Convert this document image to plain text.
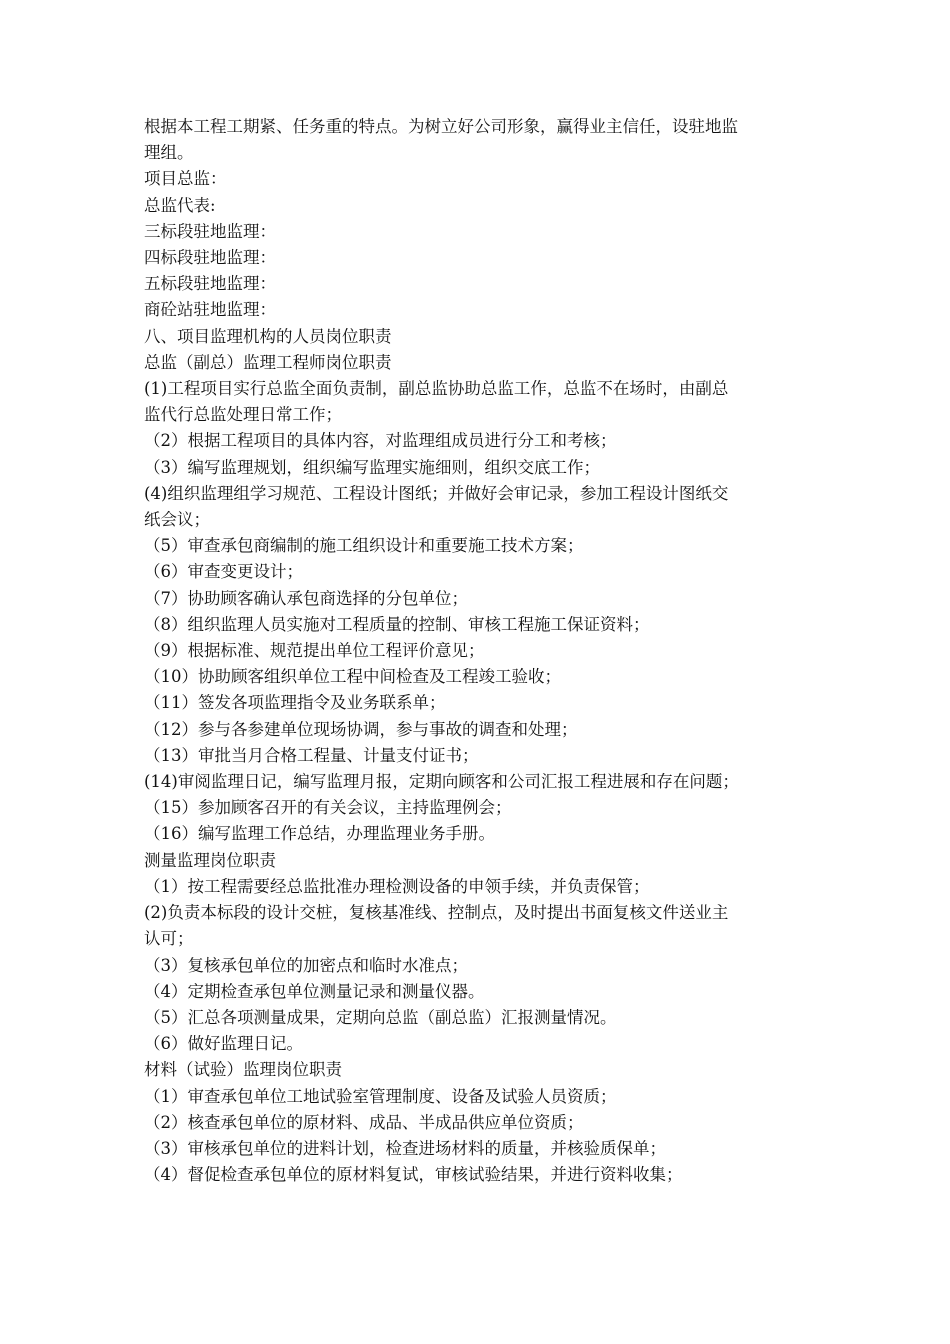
根据本工程工期紧、任务重的特点。为树立好公司形象，赢得业主信任，设驻地监
理组。
项目总监：
总监代表:
三标段驻地监理：
四标段驻地监理：
五标段驻地监理：
商砼站驻地监理：
八、项目监理机构的人员岗位职责
总监（副总）监理工程师岗位职责
(1)工程项目实行总监全面负责制，副总监协助总监工作，总监不在场时，由副总
监代行总监处理日常工作；
（2）根据工程项目的具体内容，对监理组成员进行分工和考核；
（3）编写监理规划，组织编写监理实施细则，组织交底工作；
(4)组织监理组学习规范、工程设计图纸；并做好会审记录，参加工程设计图纸交
纸会议；
（5）审查承包商编制的施工组织设计和重要施工技术方案；
（6）审查变更设计；
（7）协助顾客确认承包商选择的分包单位；
（8）组织监理人员实施对工程质量的控制、审核工程施工保证资料；
（9）根据标准、规范提出单位工程评价意见；
（10）协助顾客组织单位工程中间检查及工程竣工验收；
（11）签发各项监理指令及业务联系单；
（12）参与各参建单位现场协调，参与事故的调查和处理；
（13）审批当月合格工程量、计量支付证书；
(14)审阅监理日记，编写监理月报，定期向顾客和公司汇报工程进展和存在问题；
（15）参加顾客召开的有关会议，主持监理例会；
（16）编写监理工作总结，办理监理业务手册。
测量监理岗位职责
（1）按工程需要经总监批准办理检测设备的申领手续，并负责保管；
(2)负责本标段的设计交桩，复核基准线、控制点，及时提出书面复核文件送业主
认可；
（3）复核承包单位的加密点和临时水准点；
（4）定期检查承包单位测量记录和测量仪器。
（5）汇总各项测量成果，定期向总监（副总监）汇报测量情况。
（6）做好监理日记。
材料（试验）监理岗位职责
（1）审查承包单位工地试验室管理制度、设备及试验人员资质；
（2）核查承包单位的原材料、成品、半成品供应单位资质；
（3）审核承包单位的进料计划，检查进场材料的质量，并核验质保单；
（4）督促检查承包单位的原材料复试，审核试验结果，并进行资料收集；
